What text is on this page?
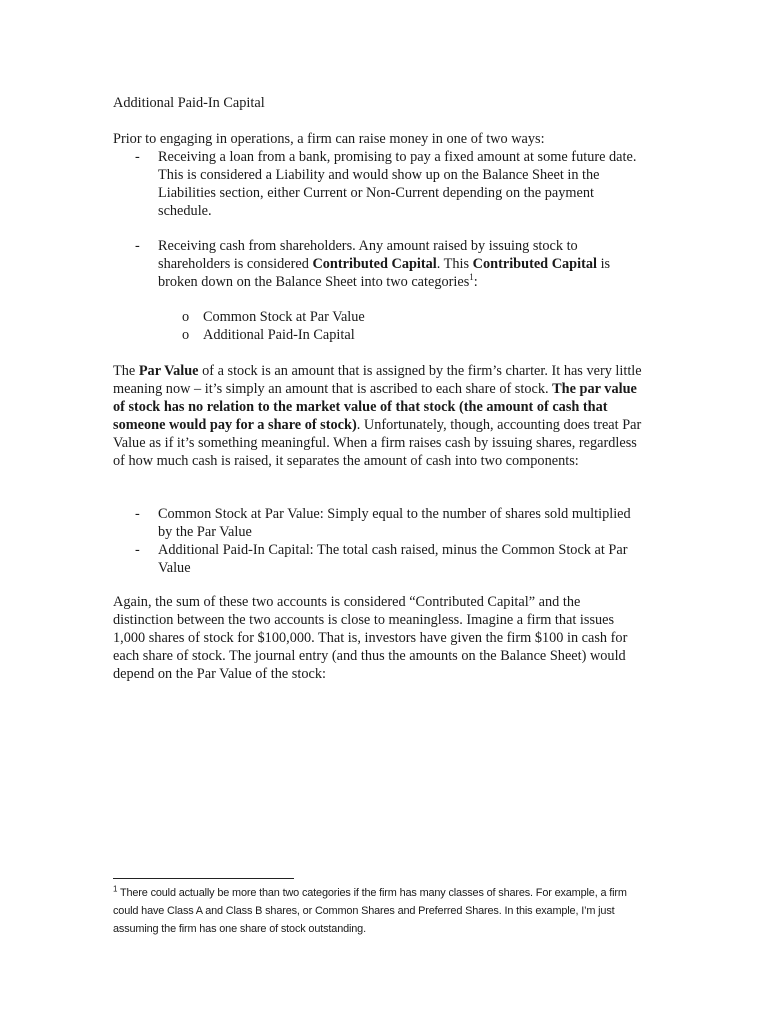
Additional Paid-In Capital

Prior to engaging in operations, a firm can raise money in one of two ways:

- Receiving a loan from a bank, promising to pay a fixed amount at some future date. This is considered a Liability and would show up on the Balance Sheet in the Liabilities section, either Current or Non-Current depending on the payment schedule.
- Receiving cash from shareholders. Any amount raised by issuing stock to shareholders is considered Contributed Capital. This Contributed Capital is broken down on the Balance Sheet into two categories$^1$:
o Common Stock at Par Value
o Additional Paid-In Capital

The Par Value of a stock is an amount that is assigned by the firm’s charter. It has very little meaning now – it’s simply an amount that is ascribed to each share of stock. The par value of stock has no relation to the market value of that stock (the amount of cash that someone would pay for a share of stock). Unfortunately, though, accounting does treat Par Value as if it’s something meaningful. When a firm raises cash by issuing shares, regardless of how much cash is raised, it separates the amount of cash into two components:

- Common Stock at Par Value: Simply equal to the number of shares sold multiplied by the Par Value
- Additional Paid-In Capital: The total cash raised, minus the Common Stock at Par Value

Again, the sum of these two accounts is considered “Contributed Capital” and the distinction between the two accounts is close to meaningless. Imagine a firm that issues 1,000 shares of stock for $100,000. That is, investors have given the firm $100 in cash for each share of stock. The journal entry (and thus the amounts on the Balance Sheet) would depend on the Par Value of the stock:

$^1$ There could actually be more than two categories if the firm has many classes of shares. For example, a firm could have Class A and Class B shares, or Common Shares and Preferred Shares. In this example, I’m just assuming the firm has one share of stock outstanding.
